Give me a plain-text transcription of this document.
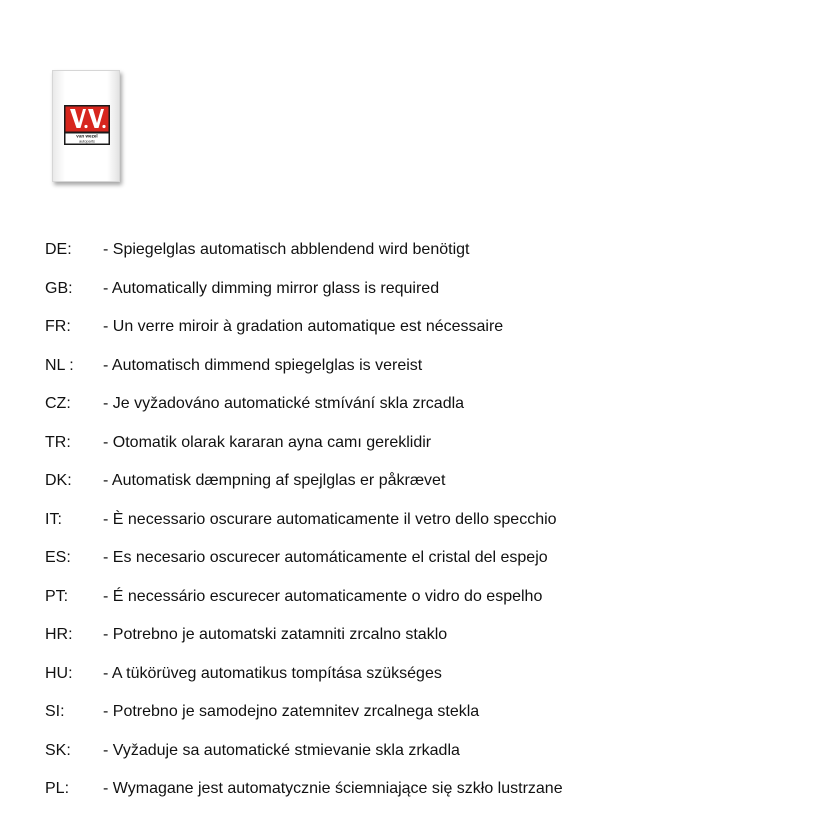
van wezel
autoparts
DE:	- Spiegelglas automatisch abblendend wird benötigt
GB:	- Automatically dimming mirror glass is required
FR:	- Un verre miroir à gradation automatique est nécessaire
NL :	- Automatisch dimmend spiegelglas is vereist
CZ:	- Je vyžadováno automatické stmívání skla zrcadla
TR:	- Otomatik olarak kararan ayna camı gereklidir
DK:	- Automatisk dæmpning af spejlglas er påkrævet
IT:	- È necessario oscurare automaticamente il vetro dello specchio
ES:	- Es necesario oscurecer automáticamente el cristal del espejo
PT:	- É necessário escurecer automaticamente o vidro do espelho
HR:	- Potrebno je automatski zatamniti zrcalno staklo
HU:	- A tükörüveg automatikus tompítása szükséges
SI:	- Potrebno je samodejno zatemnitev zrcalnega stekla
SK:	- Vyžaduje sa automatické stmievanie skla zrkadla
PL:	- Wymagane jest automatycznie ściemniające się szkło lustrzane
